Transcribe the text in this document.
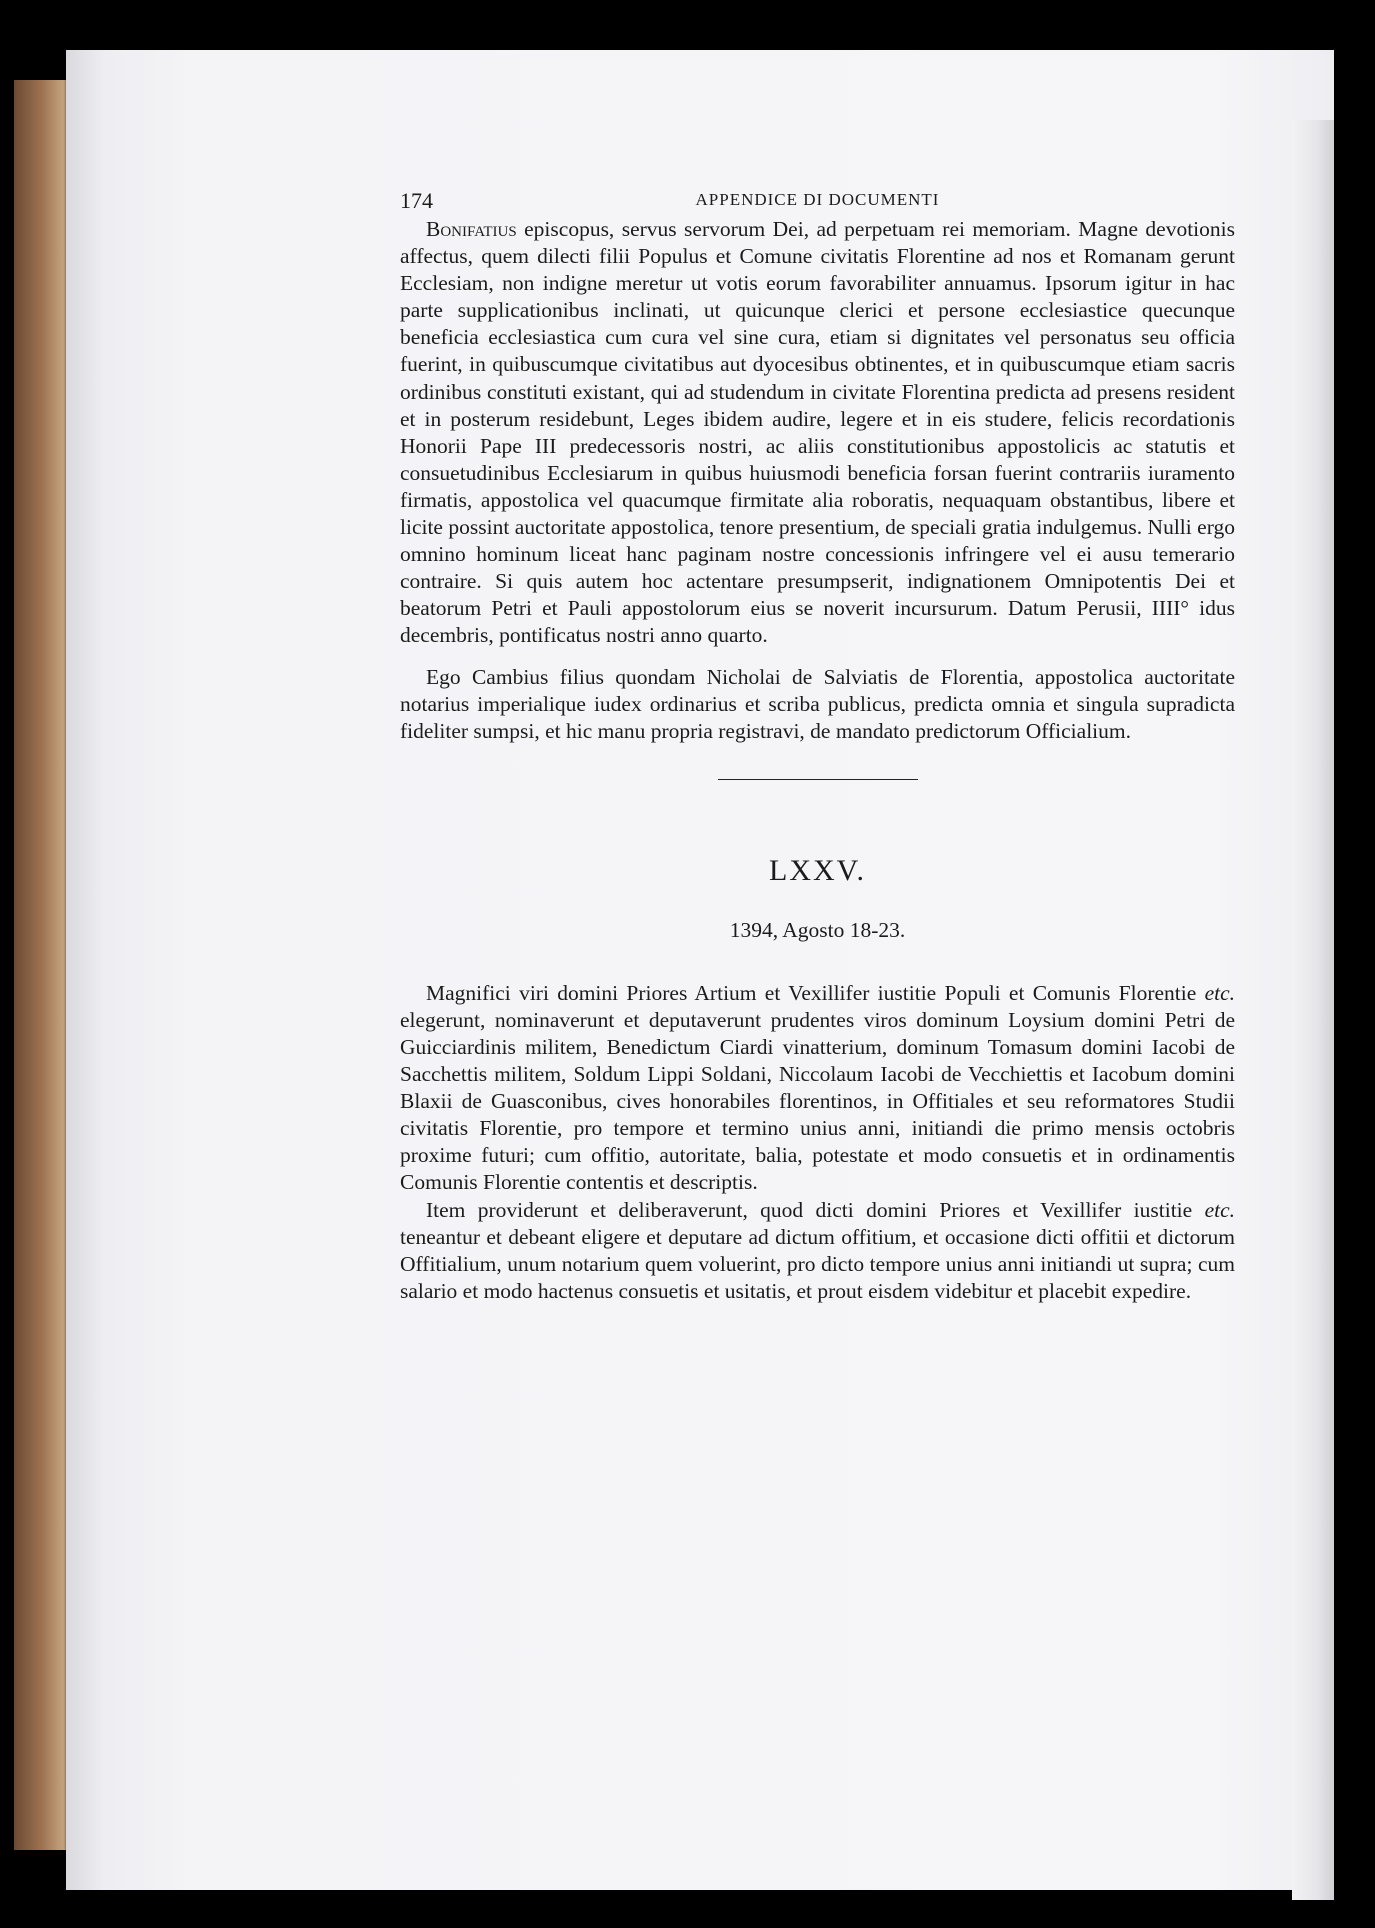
174	APPENDICE DI DOCUMENTI

Bonifatius episcopus, servus servorum Dei, ad perpetuam rei memoriam. Magne devotionis affectus, quem dilecti filii Populus et Comune civitatis Florentine ad nos et Romanam gerunt Ecclesiam, non indigne meretur ut votis eorum favorabiliter annuamus. Ipsorum igitur in hac parte supplicationibus inclinati, ut quicunque clerici et persone ecclesiastice quecunque beneficia ecclesiastica cum cura vel sine cura, etiam si dignitates vel personatus seu officia fuerint, in quibuscumque civitatibus aut dyocesibus obtinentes, et in quibuscumque etiam sacris ordinibus constituti existant, qui ad studendum in civitate Florentina predicta ad presens resident et in posterum residebunt, Leges ibidem audire, legere et in eis studere, felicis recordationis Honorii Pape III predecessoris nostri, ac aliis constitutionibus appostolicis ac statutis et consuetudinibus Ecclesiarum in quibus huiusmodi beneficia forsan fuerint contrariis iuramento firmatis, appostolica vel quacumque firmitate alia roboratis, nequaquam obstantibus, libere et licite possint auctoritate appostolica, tenore presentium, de speciali gratia indulgemus. Nulli ergo omnino hominum liceat hanc paginam nostre concessionis infringere vel ei ausu temerario contraire. Si quis autem hoc actentare presumpserit, indignationem Omnipotentis Dei et beatorum Petri et Pauli appostolorum eius se noverit incursurum. Datum Perusii, IIII° idus decembris, pontificatus nostri anno quarto.

Ego Cambius filius quondam Nicholai de Salviatis de Florentia, appostolica auctoritate notarius imperialique iudex ordinarius et scriba publicus, predicta omnia et singula supradicta fideliter sumpsi, et hic manu propria registravi, de mandato predictorum Officialium.

LXXV.
1394, Agosto 18-23.

Magnifici viri domini Priores Artium et Vexillifer iustitie Populi et Comunis Florentie etc. elegerunt, nominaverunt et deputaverunt prudentes viros dominum Loysium domini Petri de Guicciardinis militem, Benedictum Ciardi vinatterium, dominum Tomasum domini Iacobi de Sacchettis militem, Soldum Lippi Soldani, Niccolaum Iacobi de Vecchiettis et Iacobum domini Blaxii de Guasconibus, cives honorabiles florentinos, in Offitiales et seu reformatores Studii civitatis Florentie, pro tempore et termino unius anni, initiandi die primo mensis octobris proxime futuri; cum offitio, autoritate, balia, potestate et modo consuetis et in ordinamentis Comunis Florentie contentis et descriptis.

Item providerunt et deliberaverunt, quod dicti domini Priores et Vexillifer iustitie etc. teneantur et debeant eligere et deputare ad dictum offitium, et occasione dicti offitii et dictorum Offitialium, unum notarium quem voluerint, pro dicto tempore unius anni initiandi ut supra; cum salario et modo hactenus consuetis et usitatis, et prout eisdem videbitur et placebit expedire.
